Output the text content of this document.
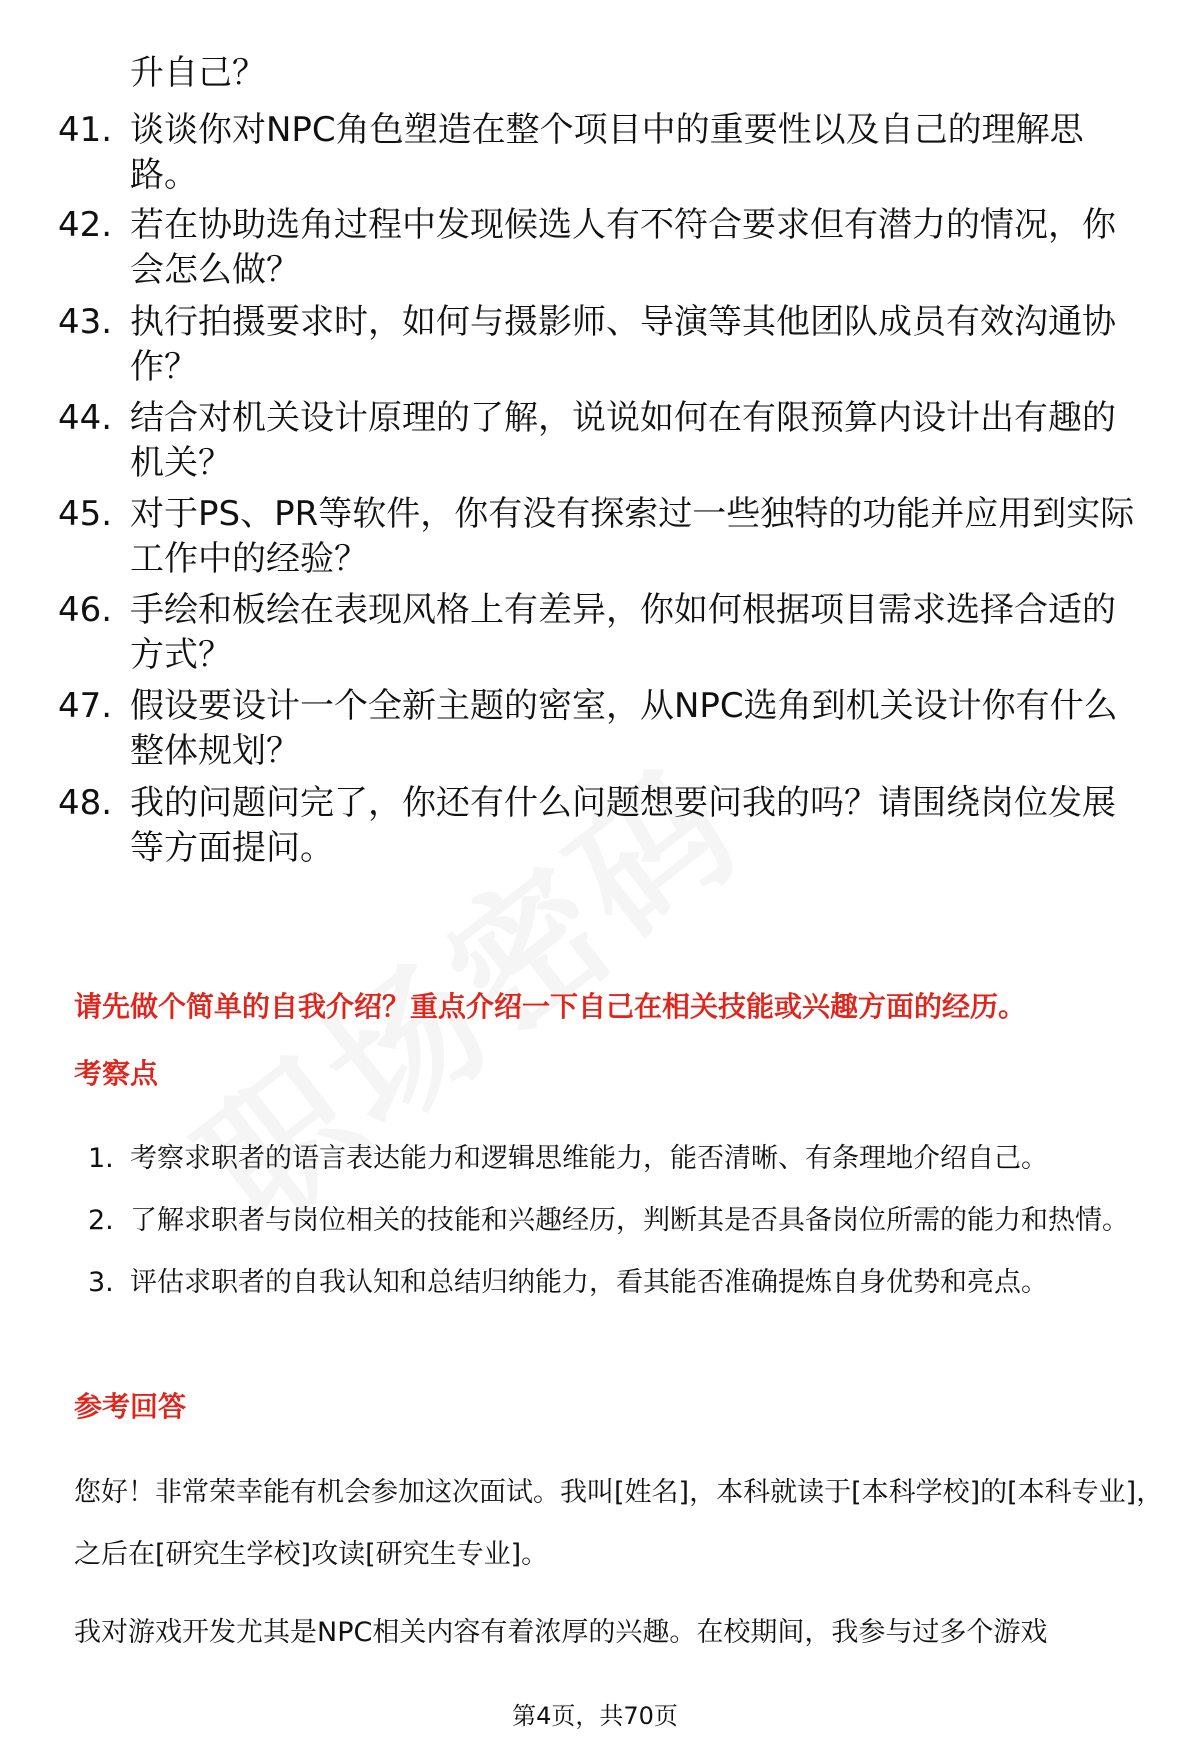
升自己？
41. 谈谈你对NPC角色塑造在整个项目中的重要性以及自己的理解思路。
42. 若在协助选角过程中发现候选人有不符合要求但有潜力的情况，你会怎么做？
43. 执行拍摄要求时，如何与摄影师、导演等其他团队成员有效沟通协作？
44. 结合对机关设计原理的了解，说说如何在有限预算内设计出有趣的机关？
45. 对于PS、PR等软件，你有没有探索过一些独特的功能并应用到实际工作中的经验？
46. 手绘和板绘在表现风格上有差异，你如何根据项目需求选择合适的方式？
47. 假设要设计一个全新主题的密室，从NPC选角到机关设计你有什么整体规划？
48. 我的问题问完了，你还有什么问题想要问我的吗？请围绕岗位发展等方面提问。
请先做个简单的自我介绍？重点介绍一下自己在相关技能或兴趣方面的经历。
考察点
1. 考察求职者的语言表达能力和逻辑思维能力，能否清晰、有条理地介绍自己。
2. 了解求职者与岗位相关的技能和兴趣经历，判断其是否具备岗位所需的能力和热情。
3. 评估求职者的自我认知和总结归纳能力，看其能否准确提炼自身优势和亮点。
参考回答
您好！非常荣幸能有机会参加这次面试。我叫[姓名]，本科就读于[本科学校]的[本科专业]，之后在[研究生学校]攻读[研究生专业]。
我对游戏开发尤其是NPC相关内容有着浓厚的兴趣。在校期间，我参与过多个游戏
第4页，共70页
